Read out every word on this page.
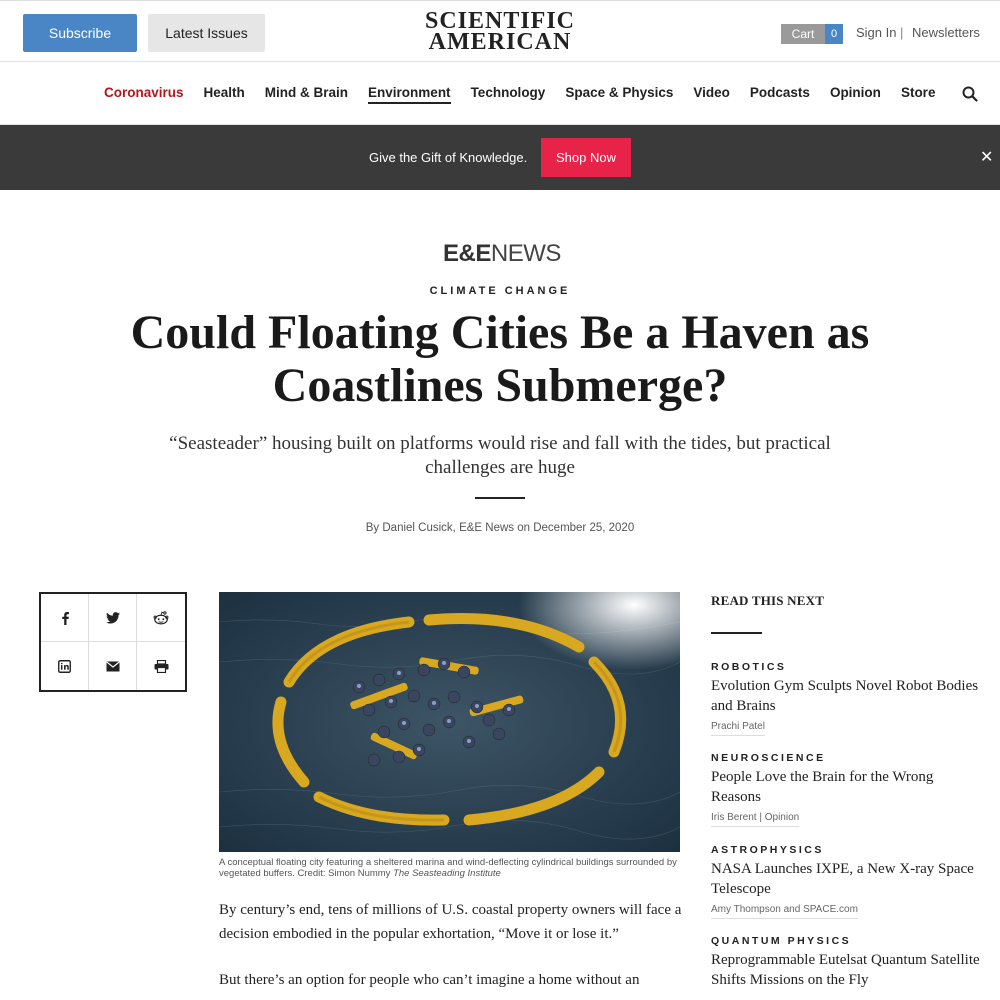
Subscribe	Latest Issues	SCIENTIFIC
AMERICAN	Cart	0	Sign In | Newsletters
Coronavirus Health Mind & Brain Environment Technology Space & Physics Video Podcasts Opinion Store
Give the Gift of Knowledge.	Shop Now	✕
E&ENEWS
CLIMATE CHANGE
Could Floating Cities Be a Haven as Coastlines Submerge?

“Seasteader” housing built on platforms would rise and fall with the tides, but practical challenges are huge

By Daniel Cusick, E&E News on December 25, 2020
A conceptual floating city featuring a sheltered marina and wind-deflecting cylindrical buildings surrounded by vegetated buffers. Credit: Simon Nummy The Seasteading Institute

By century’s end, tens of millions of U.S. coastal property owners will face a decision embodied in the popular exhortation, “Move it or lose it.”

But there’s an option for people who can’t imagine a home without an

READ THIS NEXT
ROBOTICS
Evolution Gym Sculpts Novel Robot Bodies and Brains
Prachi Patel
NEUROSCIENCE
People Love the Brain for the Wrong Reasons
Iris Berent | Opinion
ASTROPHYSICS
NASA Launches IXPE, a New X-ray Space Telescope
Amy Thompson and SPACE.com
QUANTUM PHYSICS
Reprogrammable Eutelsat Quantum Satellite Shifts Missions on the Fly
